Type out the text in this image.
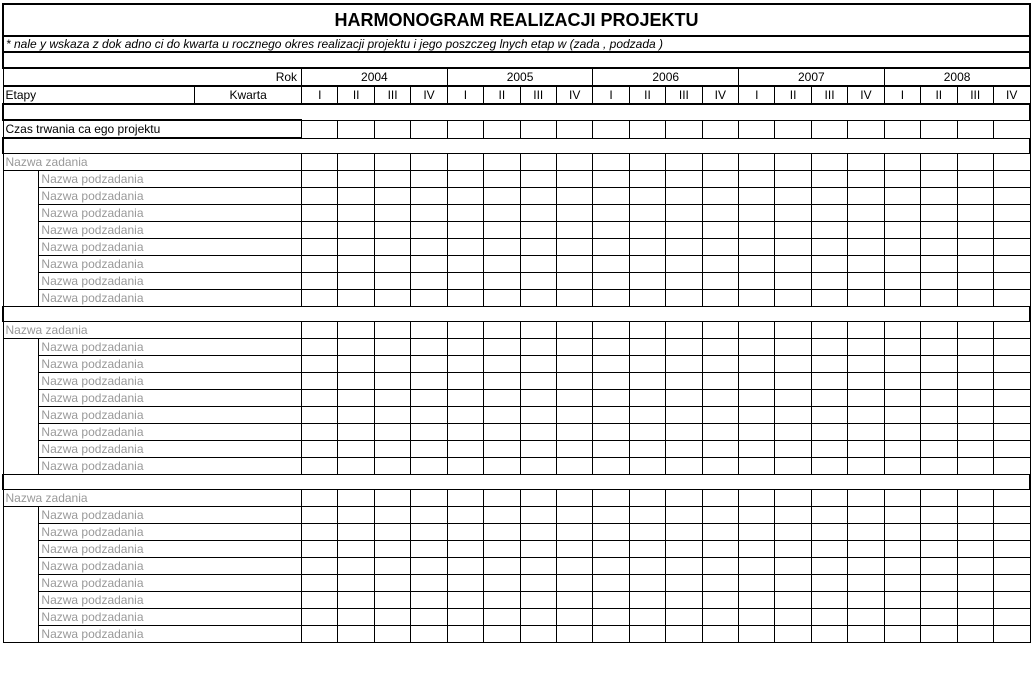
HARMONOGRAM REALIZACJI PROJEKTU																						
* nale y wskaza z dok adno ci do kwarta u rocznego okres realizacji projektu i jego poszczeg lnych etap w (zada , podzada )																						

Rok			2004				2005				2006				2007				2008			
Etapy		Kwarta	I	II	III	IV	I	II	III	IV	I	II	III	IV	I	II	III	IV	I	II	III	IV

Czas trwania ca ego projektu																						

Nazwa zadania																						
	Nazwa podzadania																					
	Nazwa podzadania																					
	Nazwa podzadania																					
	Nazwa podzadania																					
	Nazwa podzadania																					
	Nazwa podzadania																					
	Nazwa podzadania																					
	Nazwa podzadania																					

Nazwa zadania																						
	Nazwa podzadania																					
	Nazwa podzadania																					
	Nazwa podzadania																					
	Nazwa podzadania																					
	Nazwa podzadania																					
	Nazwa podzadania																					
	Nazwa podzadania																					
	Nazwa podzadania																					

Nazwa zadania																						
	Nazwa podzadania																					
	Nazwa podzadania																					
	Nazwa podzadania																					
	Nazwa podzadania																					
	Nazwa podzadania																					
	Nazwa podzadania																					
	Nazwa podzadania																					
	Nazwa podzadania																					
